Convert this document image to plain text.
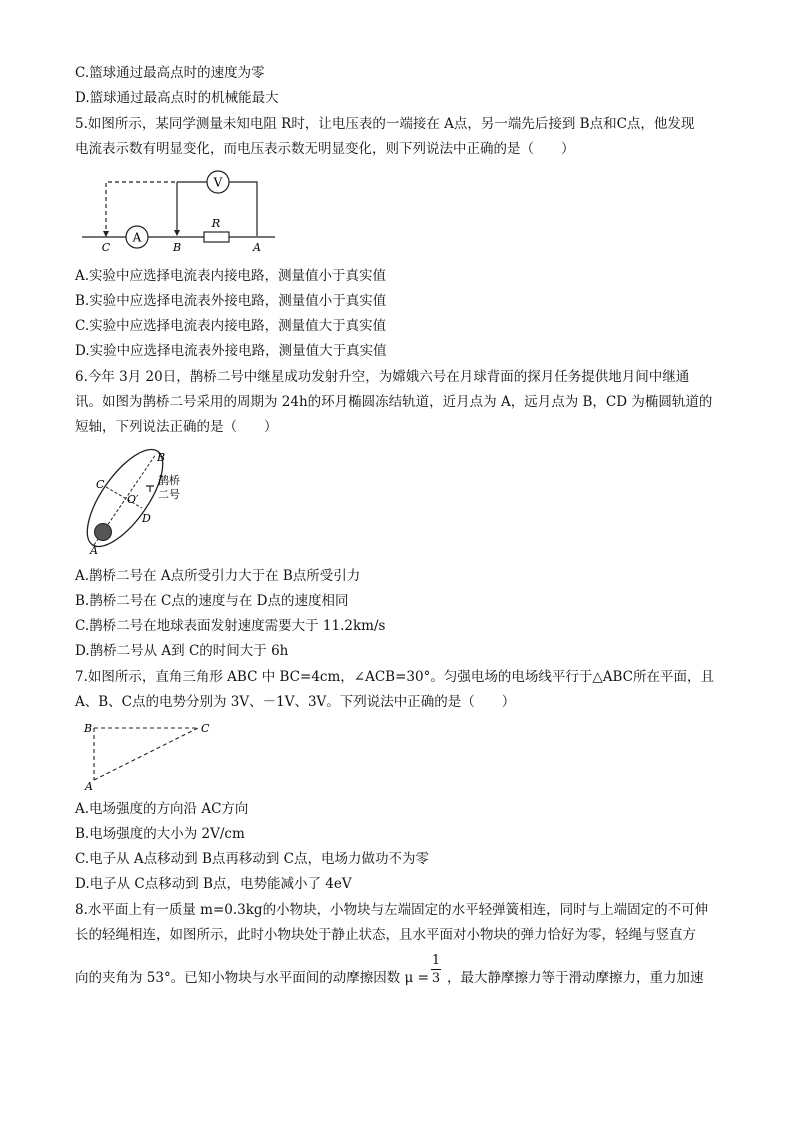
C.篮球通过最高点时的速度为零
D.篮球通过最高点时的机械能最大
5.如图所示，某同学测量未知电阻 R时，让电压表的一端接在 A点，另一端先后接到 B点和C点，他发现
电流表示数有明显变化，而电压表示数无明显变化，则下列说法中正确的是（　　）
V
A
R
C	B	A
A.实验中应选择电流表内接电路，测量值小于真实值
B.实验中应选择电流表外接电路，测量值小于真实值
C.实验中应选择电流表内接电路，测量值大于真实值
D.实验中应选择电流表外接电路，测量值大于真实值
6.今年 3月 20日，鹊桥二号中继星成功发射升空，为嫦娥六号在月球背面的探月任务提供地月间中继通
讯。如图为鹊桥二号采用的周期为 24h的环月椭圆冻结轨道，近月点为 A，远月点为 B，CD 为椭圆轨道的
短轴，下列说法正确的是（　　）
B
C
O′
D
A
鹊桥
二号
A.鹊桥二号在 A点所受引力大于在 B点所受引力
B.鹊桥二号在 C点的速度与在 D点的速度相同
C.鹊桥二号在地球表面发射速度需要大于 11.2km/s
D.鹊桥二号从 A到 C的时间大于 6h
7.如图所示，直角三角形 ABC 中 BC=4cm，∠ACB=30°。匀强电场的电场线平行于△ABC所在平面，且
A、B、C点的电势分别为 3V、－1V、3V。下列说法中正确的是（　　）
B	C
A
A.电场强度的方向沿 AC方向
B.电场强度的大小为 2V/cm
C.电子从 A点移动到 B点再移动到 C点，电场力做功不为零
D.电子从 C点移动到 B点，电势能减小了 4eV
8.水平面上有一质量 m=0.3kg的小物块，小物块与左端固定的水平轻弹簧相连，同时与上端固定的不可伸
长的轻绳相连，如图所示，此时小物块处于静止状态，且水平面对小物块的弹力恰好为零，轻绳与竖直方
向的夹角为 53°。已知小物块与水平面间的动摩擦因数 μ =
1
3 ，最大静摩擦力等于滑动摩擦力，重力加速
